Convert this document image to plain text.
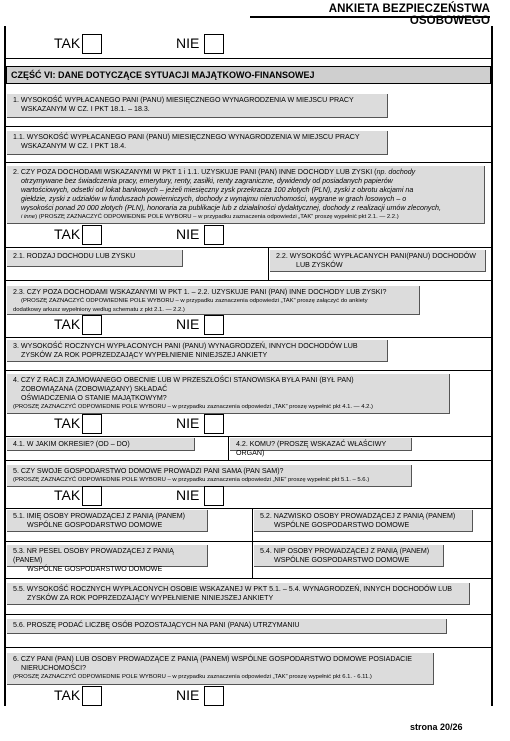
ANKIETA BEZPIECZEŃSTWA OSOBOWEGO
TAK	NIE
CZĘŚĆ VI: DANE DOTYCZĄCE SYTUACJI MAJĄTKOWO-FINANSOWEJ
1. WYSOKOŚĆ WYPŁACANEGO PANI (PANU) MIESIĘCZNEGO WYNAGRODZENIA W MIEJSCU PRACY
WSKAZANYM W CZ. I PKT 18.1. – 18.3.
1.1. WYSOKOŚĆ WYPŁACANEGO PANI (PANU) MIESIĘCZNEGO WYNAGRODZENIA W MIEJSCU PRACY
WSKAZANYM W CZ. I PKT 18.4.
2. CZY POZA DOCHODAMI WSKAZANYMI W PKT 1 i 1.1. UZYSKUJE PANI (PAN) INNE DOCHODY LUB ZYSKI (np. dochody
otrzymywane bez świadczenia pracy, emerytury, renty, zasiłki, renty zagraniczne, dywidendy od posiadanych papierów
wartościowych, odsetki od lokat bankowych – jeżeli miesięczny zysk przekracza 100 złotych (PLN), zyski z obrotu akcjami na
giełdzie, zyski z udziałów w funduszach powierniczych, dochody z wynajmu nieruchomości, wygrane w grach losowych – o
wysokości ponad 20 000 złotych (PLN), honoraria za publikacje lub z działalności dydaktycznej, dochody z realizacji umów zleconych,
i inne) (PROSZĘ ZAZNACZYĆ ODPOWIEDNIE POLE WYBORU – w przypadku zaznaczenia odpowiedzi „TAK” proszę wypełnić pkt 2.1. — 2.2.)
TAK	NIE
2.1. RODZAJ DOCHODU LUB ZYSKU	2.2. WYSOKOŚĆ WYPŁACANYCH PANI(PANU) DOCHODÓW
LUB ZYSKÓW
2.3. CZY POZA DOCHODAMI WSKAZANYMI W PKT 1. – 2.2. UZYSKUJE PANI (PAN) INNE DOCHODY LUB ZYSKI?
(PROSZĘ ZAZNACZYĆ ODPOWIEDNIE POLE WYBORU – w przypadku zaznaczenia odpowiedzi „TAK” proszę załączyć do ankiety
dodatkowy arkusz wypełniony według schematu z pkt 2.1. — 2.2.)
TAK	NIE
3. WYSOKOŚĆ ROCZNYCH WYPŁACONYCH PANI (PANU) WYNAGRODZEŃ, INNYCH DOCHODÓW LUB
ZYSKÓW ZA ROK POPRZEDZAJĄCY WYPEŁNIENIE NINIEJSZEJ ANKIETY
4. CZY Z RACJI ZAJMOWANEGO OBECNIE LUB W PRZESZŁOŚCI STANOWISKA BYŁA PANI (BYŁ PAN)
ZOBOWIĄZANA (ZOBOWIĄZANY) SKŁADAĆ
OŚWIADCZENIA O STANIE MAJĄTKOWYM?
(PROSZĘ ZAZNACZYĆ ODPOWIEDNIE POLE WYBORU – w przypadku zaznaczenia odpowiedzi „TAK” proszę wypełnić pkt 4.1. — 4.2.)
TAK	NIE
4.1. W JAKIM OKRESIE? (OD – DO)	4.2. KOMU? (PROSZĘ WSKAZAĆ WŁAŚCIWY ORGAN)
5. CZY SWOJE GOSPODARSTWO DOMOWE PROWADZI PANI SAMA (PAN SAM)?
(PROSZĘ ZAZNACZYĆ ODPOWIEDNIE POLE WYBORU – w przypadku zaznaczenia odpowiedzi „NIE” proszę wypełnić pkt 5.1. – 5.6.)
TAK	NIE
5.1. IMIĘ OSOBY PROWADZĄCEJ Z PANIĄ (PANEM)
WSPÓLNE GOSPODARSTWO DOMOWE
5.2. NAZWISKO OSOBY PROWADZĄCEJ Z PANIĄ (PANEM)
WSPÓLNE GOSPODARSTWO DOMOWE
5.3. NR PESEL OSOBY PROWADZĄCEJ Z PANIĄ (PANEM)
WSPÓLNE GOSPODARSTWO DOMOWE
5.4. NIP OSOBY PROWADZĄCEJ Z PANIĄ (PANEM)
WSPÓLNE GOSPODARSTWO DOMOWE
5.5. WYSOKOŚĆ ROCZNYCH WYPŁACONYCH OSOBIE WSKAZANEJ W PKT 5.1. – 5.4. WYNAGRODZEŃ, INNYCH DOCHODÓW LUB
ZYSKÓW ZA ROK POPRZEDZAJĄCY WYPEŁNIENIE NINIEJSZEJ ANKIETY
5.6. PROSZĘ PODAĆ LICZBĘ OSÓB POZOSTAJĄCYCH NA PANI (PANA) UTRZYMANIU
6. CZY PANI (PAN) LUB OSOBY PROWADZĄCE Z PANIĄ (PANEM) WSPÓLNE GOSPODARSTWO DOMOWE POSIADACIE
NIERUCHOMOŚCI?
(PROSZĘ ZAZNACZYĆ ODPOWIEDNIE POLE WYBORU – w przypadku zaznaczenia odpowiedzi „TAK” proszę wypełnić pkt 6.1. - 6.11.)
TAK	NIE
strona 20/26
